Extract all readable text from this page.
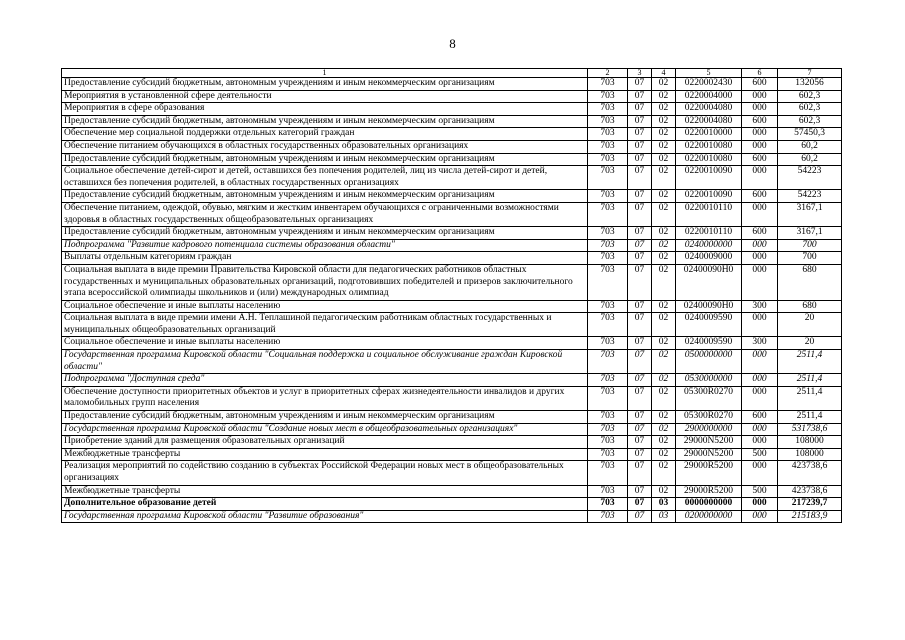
8
1	2	3	4	5	6	7
Предоставление субсидий бюджетным, автономным учреждениям и иным некоммерческим организациям	703	07	02	0220002430	600	132056
Мероприятия в установленной сфере деятельности	703	07	02	0220004000	000	602,3
Мероприятия в сфере образования	703	07	02	0220004080	000	602,3
Предоставление субсидий бюджетным, автономным учреждениям и иным некоммерческим организациям	703	07	02	0220004080	600	602,3
Обеспечение мер социальной поддержки отдельных категорий граждан	703	07	02	0220010000	000	57450,3
Обеспечение питанием обучающихся в областных государственных образовательных организациях	703	07	02	0220010080	000	60,2
Предоставление субсидий бюджетным, автономным учреждениям и иным некоммерческим организациям	703	07	02	0220010080	600	60,2
Социальное обеспечение детей-сирот и детей, оставшихся без попечения родителей, лиц из числа детей-сирот и детей, оставшихся без попечения родителей, в областных государственных организациях	703	07	02	0220010090	000	54223
Предоставление субсидий бюджетным, автономным учреждениям и иным некоммерческим организациям	703	07	02	0220010090	600	54223
Обеспечение питанием, одеждой, обувью, мягким и жестким инвентарем обучающихся с ограниченными возможностями здоровья в областных государственных общеобразовательных организациях	703	07	02	0220010110	000	3167,1
Предоставление субсидий бюджетным, автономным учреждениям и иным некоммерческим организациям	703	07	02	0220010110	600	3167,1
Подпрограмма "Развитие кадрового потенциала системы образования области"	703	07	02	0240000000	000	700
Выплаты отдельным категориям граждан	703	07	02	0240009000	000	700
Социальная выплата в виде премии Правительства Кировской области для педагогических работников областных государственных и муниципальных образовательных организаций, подготовивших победителей и призеров заключительного этапа всероссийской олимпиады школьников и (или) международных олимпиад	703	07	02	02400090Н0	000	680
Социальное обеспечение и иные выплаты населению	703	07	02	02400090Н0	300	680
Социальная выплата в виде премии имени А.Н. Теплашиной педагогическим работникам областных государственных и муниципальных общеобразовательных организаций	703	07	02	0240009590	000	20
Социальное обеспечение и иные выплаты населению	703	07	02	0240009590	300	20
Государственная программа Кировской области "Социальная поддержка и социальное обслуживание граждан Кировской области"	703	07	02	0500000000	000	2511,4
Подпрограмма "Доступная среда"	703	07	02	0530000000	000	2511,4
Обеспечение доступности приоритетных объектов и услуг в приоритетных сферах жизнедеятельности инвалидов и других маломобильных групп населения	703	07	02	05300R0270	000	2511,4
Предоставление субсидий бюджетным, автономным учреждениям и иным некоммерческим организациям	703	07	02	05300R0270	600	2511,4
Государственная программа Кировской области "Создание новых мест в общеобразовательных организациях"	703	07	02	2900000000	000	531738,6
Приобретение зданий для размещения образовательных организаций	703	07	02	29000N5200	000	108000
Межбюджетные трансферты	703	07	02	29000N5200	500	108000
Реализация мероприятий по содействию созданию в субъектах Российской Федерации новых мест в общеобразовательных организациях	703	07	02	29000R5200	000	423738,6
Межбюджетные трансферты	703	07	02	29000R5200	500	423738,6
Дополнительное образование детей	703	07	03	0000000000	000	217239,7
Государственная программа Кировской области "Развитие образования"	703	07	03	0200000000	000	215183,9
